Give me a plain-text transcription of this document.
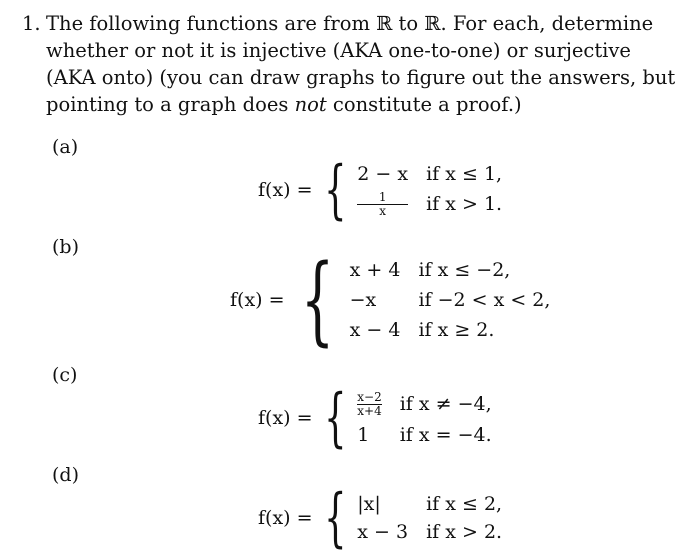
1. The following functions are from ℝ to ℝ. For each, determine whether or not it is injective (AKA one-to-one) or surjective (AKA onto) (you can draw graphs to figure out the answers, but pointing to a graph does not constitute a proof.)
(a)
f(x) = { 2 − x if x ≤ 1,
$\frac{1}{x}$ if x > 1.
(b)
f(x) = { x + 4 if x ≤ −2,
−x	if −2 < x < 2,
x − 4 if x ≥ 2.
(c)
f(x) = { $\frac{x-2}{x+4}$ if x ≠ −4,
1	if x = −4.
(d)
f(x) = { |x|	if x ≤ 2,
x − 3 if x > 2.
